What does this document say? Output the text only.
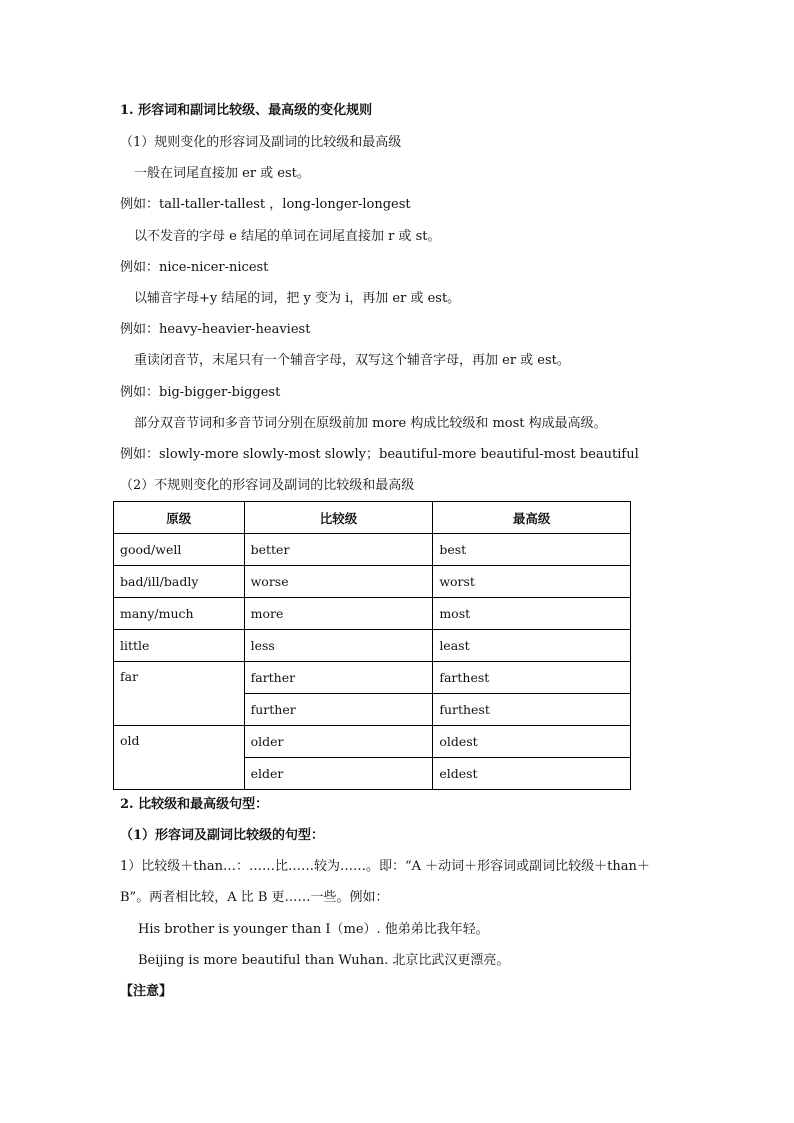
1. 形容词和副词比较级、最高级的变化规则
（1）规则变化的形容词及副词的比较级和最高级
一般在词尾直接加 er 或 est。
例如：tall-taller-tallest ，long-longer-longest
以不发音的字母 e 结尾的单词在词尾直接加 r 或 st。
例如：nice-nicer-nicest
以辅音字母+y 结尾的词，把 y 变为 i，再加 er 或 est。
例如：heavy-heavier-heaviest
重读闭音节，末尾只有一个辅音字母，双写这个辅音字母，再加 er 或 est。
例如：big-bigger-biggest
部分双音节词和多音节词分别在原级前加 more 构成比较级和 most 构成最高级。
例如：slowly-more slowly-most slowly；beautiful-more beautiful-most beautiful
（2）不规则变化的形容词及副词的比较级和最高级
原级	比较级	最高级
good/well	better	best
bad/ill/badly	worse	worst
many/much	more	most
little	less	least
far	farther	farthest
	further	furthest
old	older	oldest
	elder	eldest
2. 比较级和最高级句型：
（1）形容词及副词比较级的句型：
1）比较级＋than…：……比……较为……。即：“A ＋动词＋形容词或副词比较级＋than＋
B”。两者相比较，A 比 B 更……一些。例如：
His brother is younger than I（me）. 他弟弟比我年轻。
Beijing is more beautiful than Wuhan. 北京比武汉更漂亮。
【注意】
